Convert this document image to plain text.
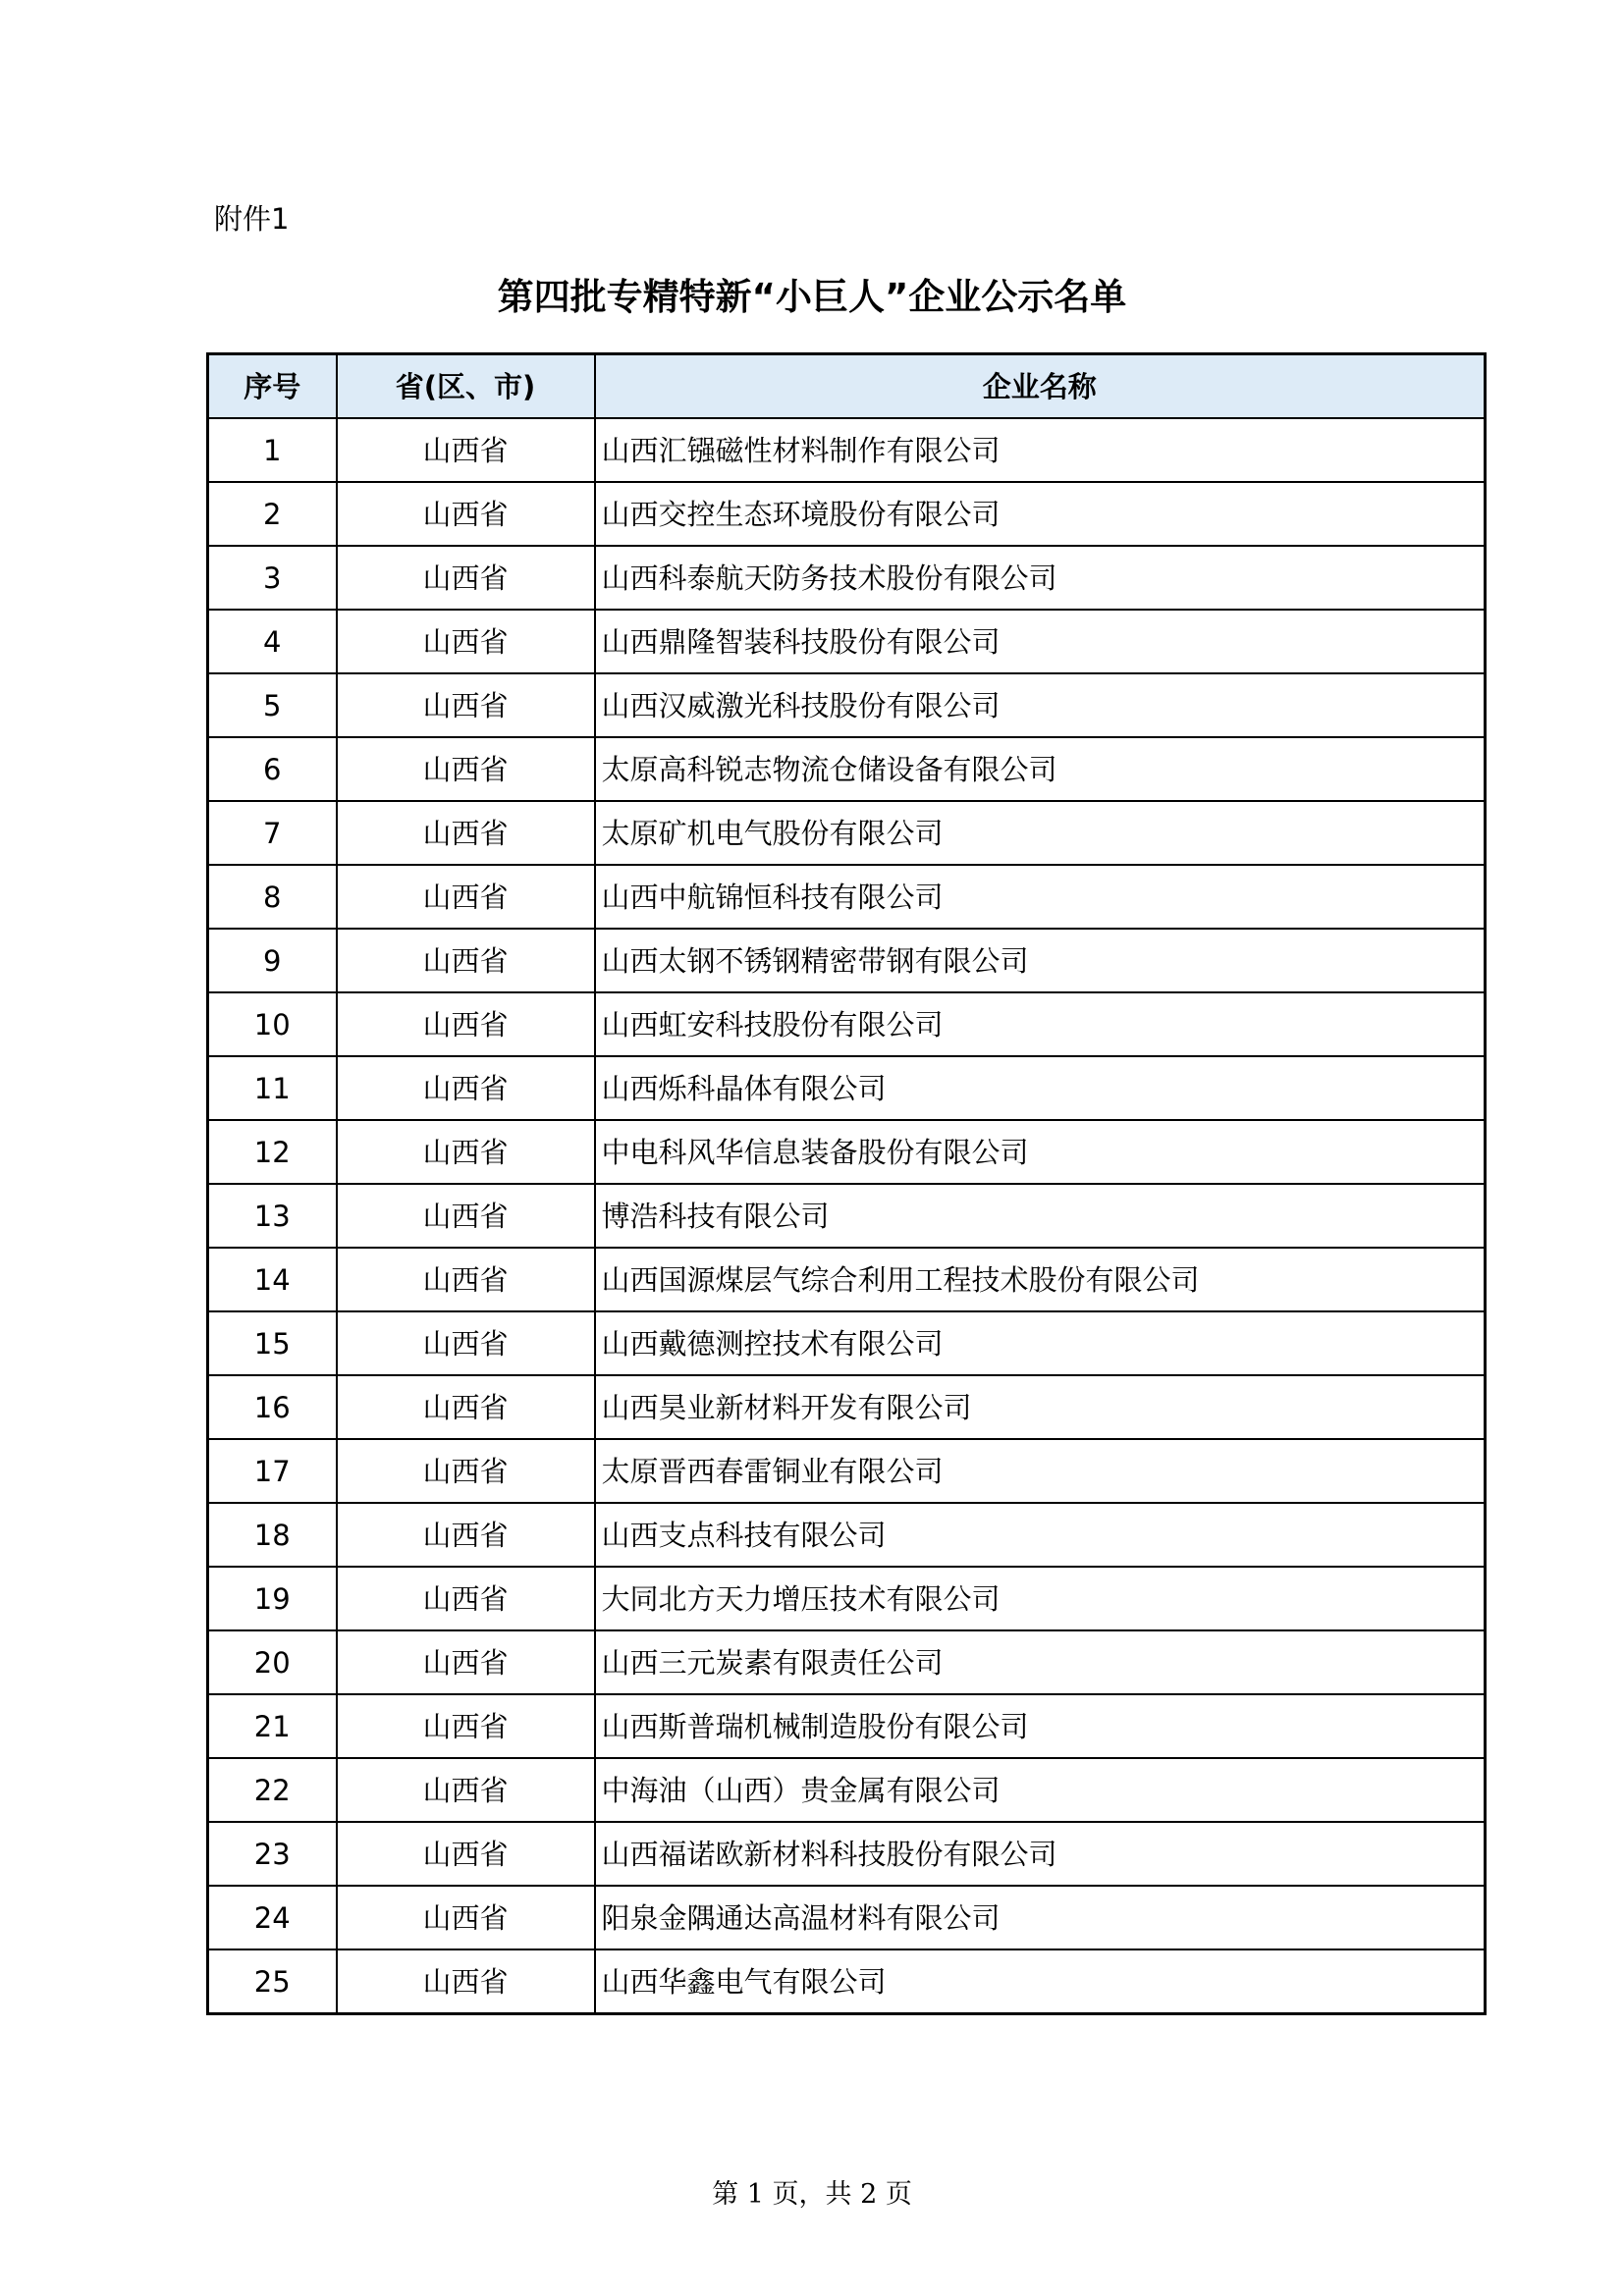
附件1
第四批专精特新“小巨人”企业公示名单
序号	省(区、市)	企业名称
1	山西省	山西汇镪磁性材料制作有限公司
2	山西省	山西交控生态环境股份有限公司
3	山西省	山西科泰航天防务技术股份有限公司
4	山西省	山西鼎隆智装科技股份有限公司
5	山西省	山西汉威激光科技股份有限公司
6	山西省	太原高科锐志物流仓储设备有限公司
7	山西省	太原矿机电气股份有限公司
8	山西省	山西中航锦恒科技有限公司
9	山西省	山西太钢不锈钢精密带钢有限公司
10	山西省	山西虹安科技股份有限公司
11	山西省	山西烁科晶体有限公司
12	山西省	中电科风华信息装备股份有限公司
13	山西省	博浩科技有限公司
14	山西省	山西国源煤层气综合利用工程技术股份有限公司
15	山西省	山西戴德测控技术有限公司
16	山西省	山西昊业新材料开发有限公司
17	山西省	太原晋西春雷铜业有限公司
18	山西省	山西支点科技有限公司
19	山西省	大同北方天力增压技术有限公司
20	山西省	山西三元炭素有限责任公司
21	山西省	山西斯普瑞机械制造股份有限公司
22	山西省	中海油（山西）贵金属有限公司
23	山西省	山西福诺欧新材料科技股份有限公司
24	山西省	阳泉金隅通达高温材料有限公司
25	山西省	山西华鑫电气有限公司
第 1 页，共 2 页
